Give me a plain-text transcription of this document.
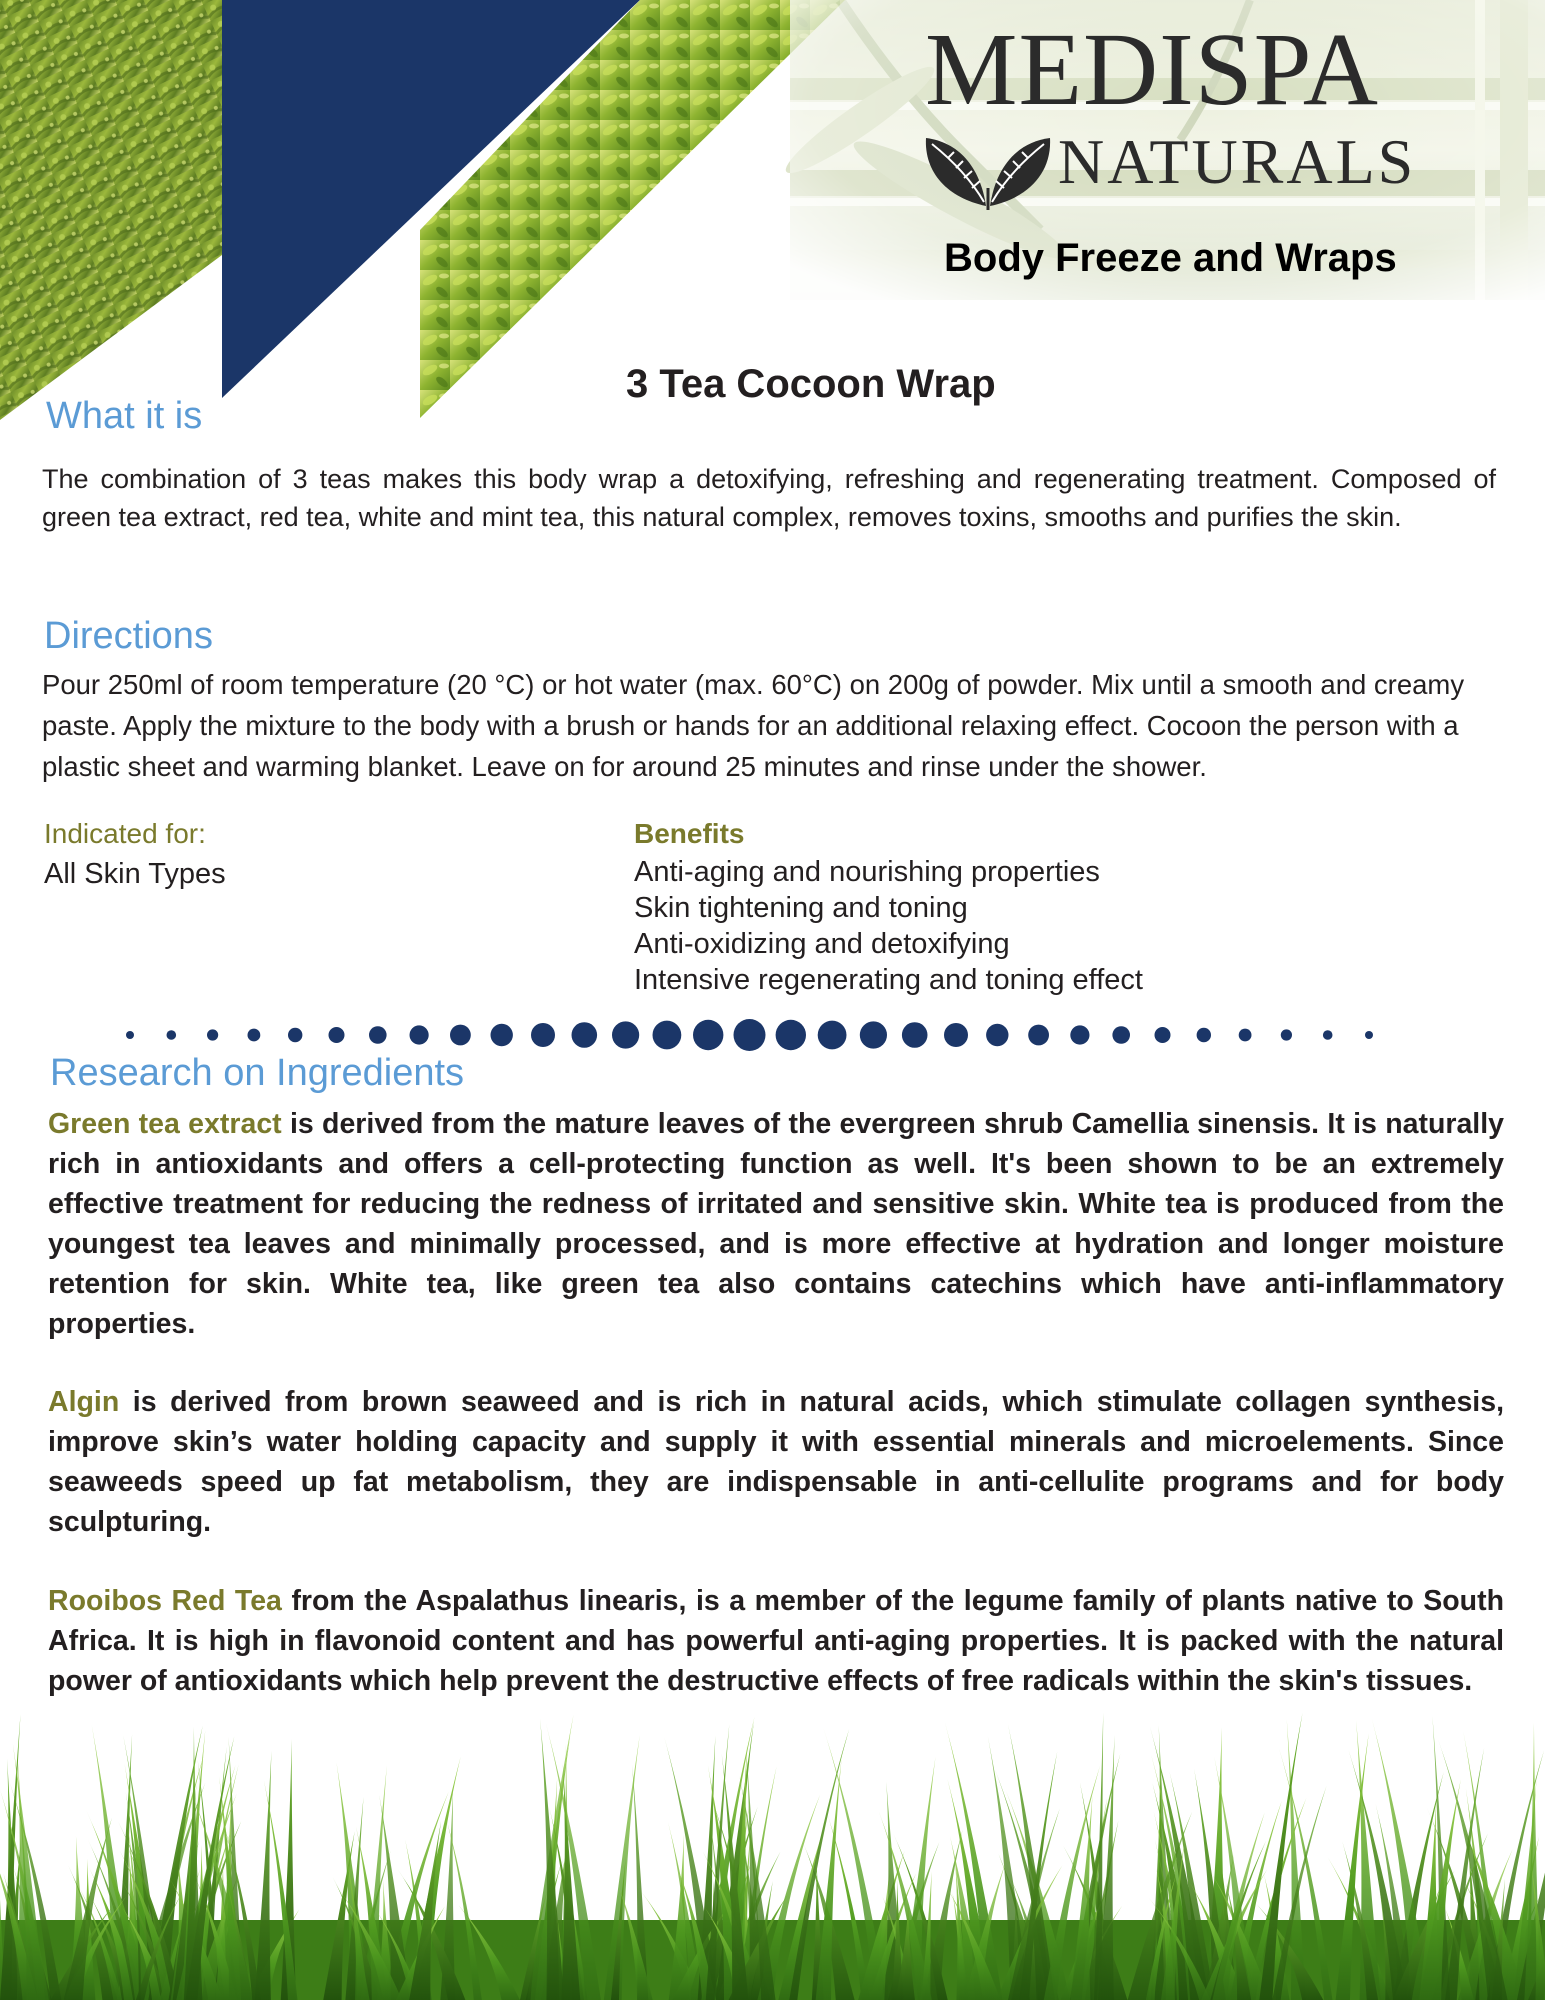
MEDISPA
NATURALS
Body Freeze and Wraps
3 Tea Cocoon Wrap
What it is
The combination of 3 teas makes this body wrap a detoxifying, refreshing and regenerating treatment. Composed of green tea extract, red tea, white and mint tea, this natural complex, removes toxins, smooths and purifies the skin.
Directions
Pour 250ml of room temperature (20 °C) or hot water (max. 60°C) on 200g of powder. Mix until a smooth and creamy paste. Apply the mixture to the body with a brush or hands for an additional relaxing effect. Cocoon the person with a plastic sheet and warming blanket. Leave on for around 25 minutes and rinse under the shower.
Indicated for:
All Skin Types
Benefits
Anti-aging and nourishing properties
Skin tightening and toning
Anti-oxidizing and detoxifying
Intensive regenerating and toning effect
Research on Ingredients
Green tea extract is derived from the mature leaves of the evergreen shrub Camellia sinensis. It is naturally rich in antioxidants and offers a cell-protecting function as well. It's been shown to be an extremely effective treatment for reducing the redness of irritated and sensitive skin. White tea is produced from the youngest tea leaves and minimally processed, and is more effective at hydration and longer moisture retention for skin. White tea, like green tea also contains catechins which have anti-inflammatory properties.
Algin is derived from brown seaweed and is rich in natural acids, which stimulate collagen synthesis, improve skin’s water holding capacity and supply it with essential minerals and microelements. Since seaweeds speed up fat metabolism, they are indispensable in anti-cellulite programs and for body sculpturing.
Rooibos Red Tea from the Aspalathus linearis, is a member of the legume family of plants native to South Africa. It is high in flavonoid content and has powerful anti-aging properties. It is packed with the natural power of antioxidants which help prevent the destructive effects of free radicals within the skin's tissues.
